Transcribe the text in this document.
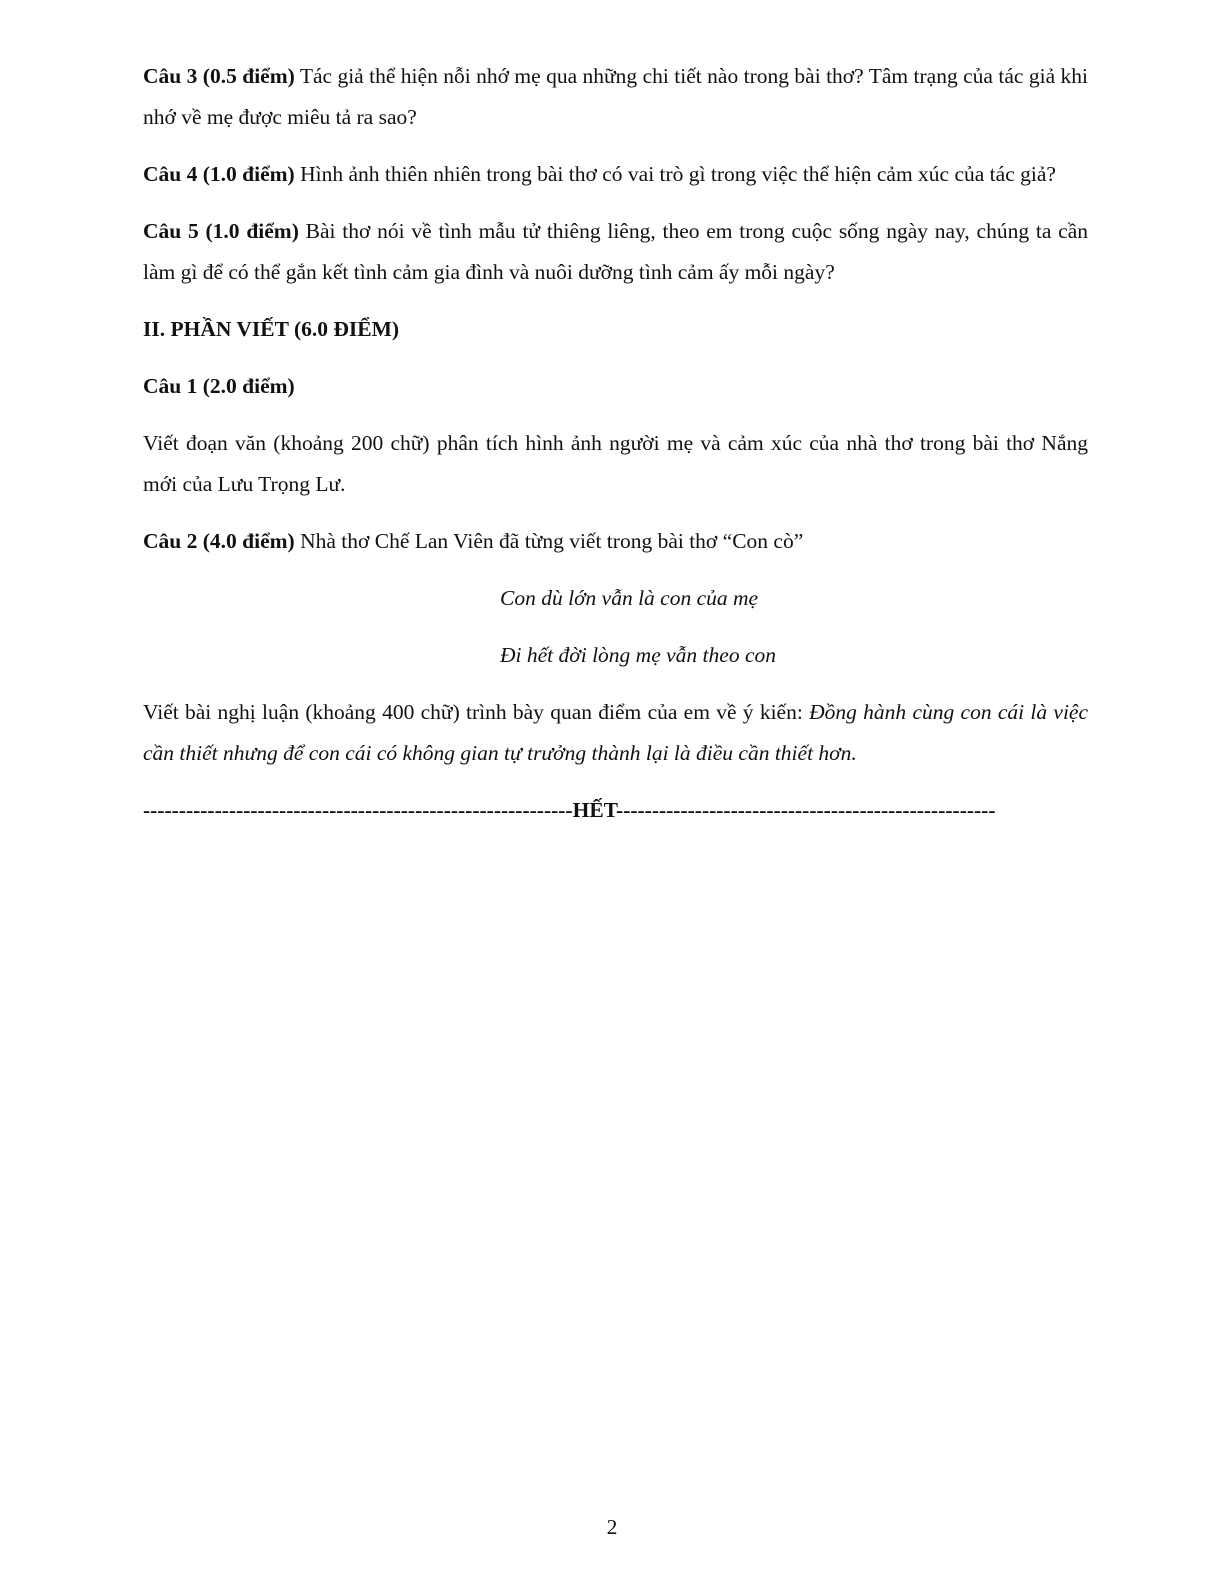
Câu 3 (0.5 điểm) Tác giả thể hiện nỗi nhớ mẹ qua những chi tiết nào trong bài thơ? Tâm trạng của tác giả khi nhớ về mẹ được miêu tả ra sao?

Câu 4 (1.0 điểm) Hình ảnh thiên nhiên trong bài thơ có vai trò gì trong việc thể hiện cảm xúc của tác giả?

Câu 5 (1.0 điểm) Bài thơ nói về tình mẫu tử thiêng liêng, theo em trong cuộc sống ngày nay, chúng ta cần làm gì để có thể gắn kết tình cảm gia đình và nuôi dưỡng tình cảm ấy mỗi ngày?

II. PHẦN VIẾT (6.0 ĐIỂM)

Câu 1 (2.0 điểm)

Viết đoạn văn (khoảng 200 chữ) phân tích hình ảnh người mẹ và cảm xúc của nhà thơ trong bài thơ Nắng mới của Lưu Trọng Lư.

Câu 2 (4.0 điểm) Nhà thơ Chế Lan Viên đã từng viết trong bài thơ “Con cò”

Con dù lớn vẫn là con của mẹ

Đi hết đời lòng mẹ vẫn theo con

Viết bài nghị luận (khoảng 400 chữ) trình bày quan điểm của em về ý kiến: Đồng hành cùng con cái là việc cần thiết nhưng để con cái có không gian tự trưởng thành lại là điều cần thiết hơn.

------------------------------------------------------------HẾT-----------------------------------------------------

2
